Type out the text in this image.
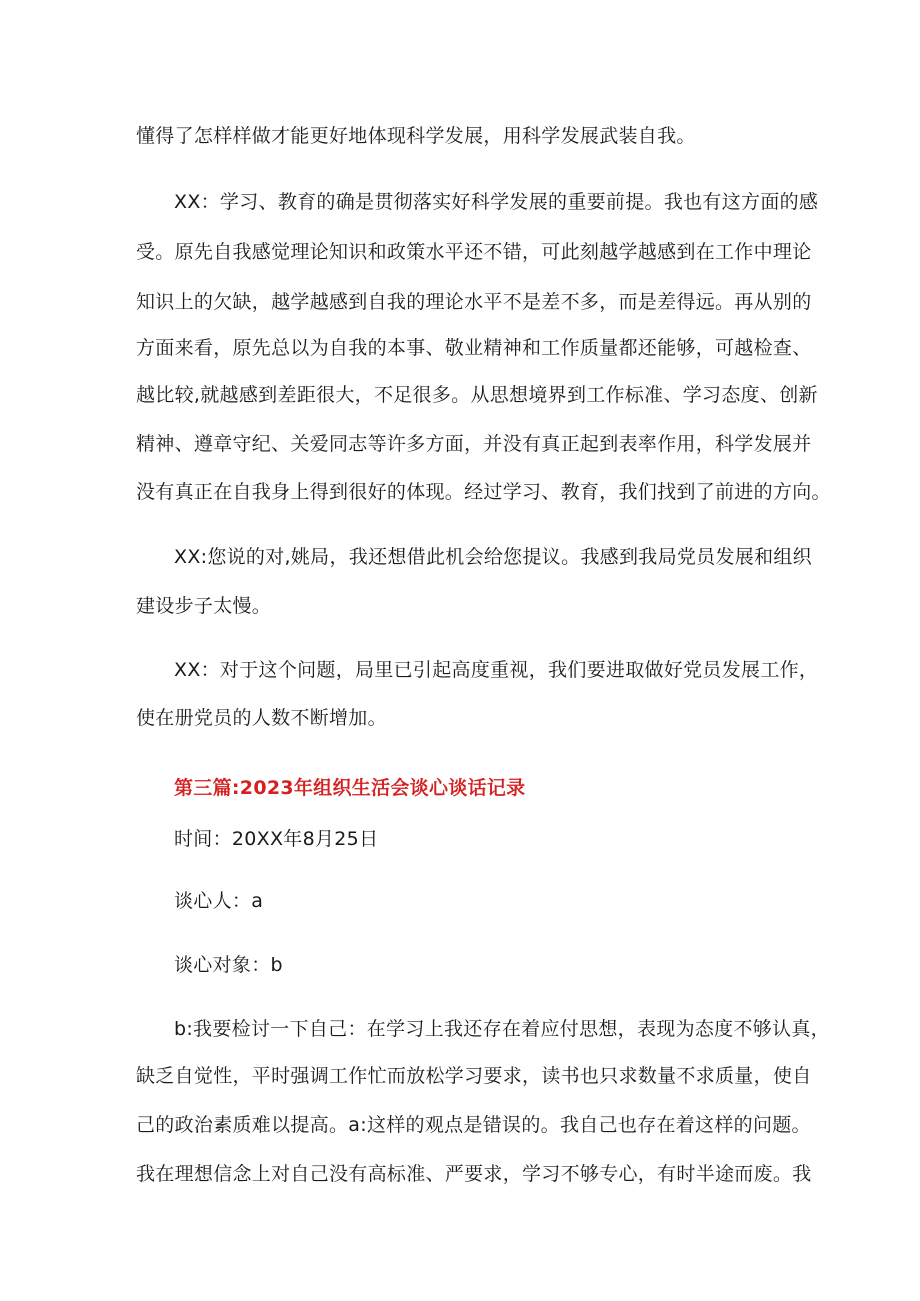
懂得了怎样样做才能更好地体现科学发展，用科学发展武装自我。
XX：学习、教育的确是贯彻落实好科学发展的重要前提。我也有这方面的感
受。原先自我感觉理论知识和政策水平还不错，可此刻越学越感到在工作中理论
知识上的欠缺，越学越感到自我的理论水平不是差不多，而是差得远。再从别的
方面来看，原先总以为自我的本事、敬业精神和工作质量都还能够，可越检查、
越比较,就越感到差距很大，不足很多。从思想境界到工作标准、学习态度、创新
精神、遵章守纪、关爱同志等许多方面，并没有真正起到表率作用，科学发展并
没有真正在自我身上得到很好的体现。经过学习、教育，我们找到了前进的方向。
XX:您说的对,姚局，我还想借此机会给您提议。我感到我局党员发展和组织
建设步子太慢。
XX：对于这个问题，局里已引起高度重视，我们要进取做好党员发展工作，
使在册党员的人数不断增加。
第三篇:2023年组织生活会谈心谈话记录
时间：20XX年8月25日
谈心人：a
谈心对象：b
b:我要检讨一下自己：在学习上我还存在着应付思想，表现为态度不够认真，
缺乏自觉性，平时强调工作忙而放松学习要求，读书也只求数量不求质量，使自
己的政治素质难以提高。a:这样的观点是错误的。我自己也存在着这样的问题。
我在理想信念上对自己没有高标准、严要求，学习不够专心，有时半途而废。我
